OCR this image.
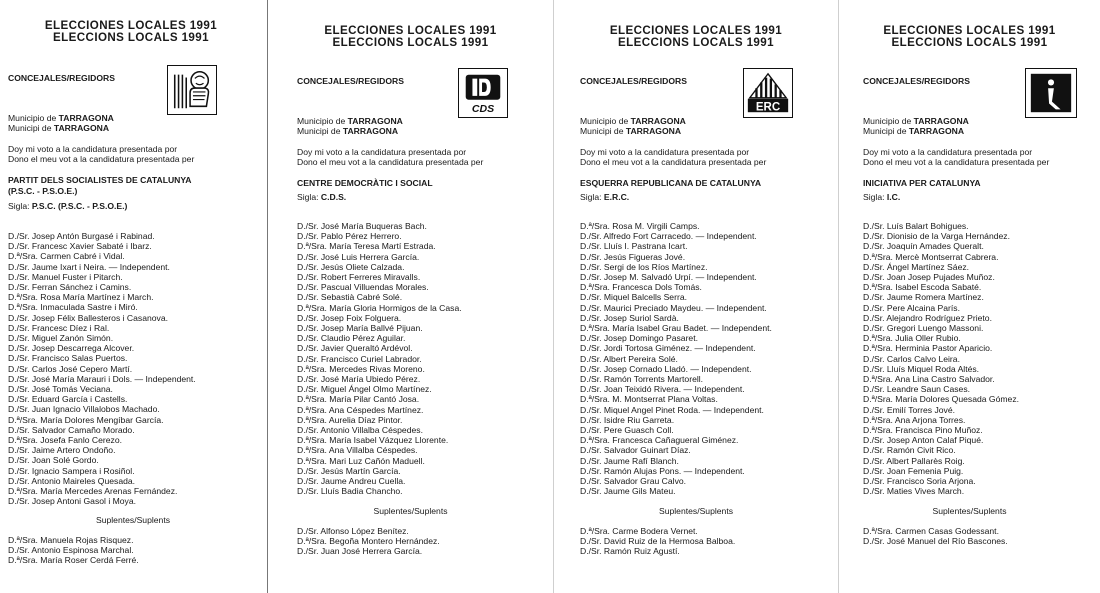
ELECCIONES LOCALES 1991
ELECCIONS LOCALS 1991
CONCEJALES/REGIDORS
Municipio de TARRAGONA
Municipi de TARRAGONA
Doy mi voto a la candidatura presentada por
Dono el meu vot a la candidatura presentada per
PARTIT DELS SOCIALISTES DE CATALUNYA
(P.S.C. - P.S.O.E.)
Sigla: P.S.C. (P.S.C. - P.S.O.E.)
D./Sr. Josep Antón Burgasé i Rabinad.
D./Sr. Francesc Xavier Sabaté i Ibarz.
D.ª/Sra. Carmen Cabré i Vidal.
D./Sr. Jaume Ixart i Neira. — Independent.
D./Sr. Manuel Fuster i Pitarch.
D./Sr. Ferran Sánchez i Camins.
D.ª/Sra. Rosa María Martínez i March.
D.ª/Sra. Inmaculada Sastre i Miró.
D./Sr. Josep Félix Ballesteros i Casanova.
D./Sr. Francesc Díez i Ral.
D./Sr. Miguel Zanón Simón.
D./Sr. Josep Descarrega Alcover.
D./Sr. Francisco Salas Puertos.
D./Sr. Carlos José Cepero Martí.
D./Sr. José María Marauri i Dols. — Independent.
D./Sr. José Tomás Veciana.
D./Sr. Eduard García i Castells.
D./Sr. Juan Ignacio Villalobos Machado.
D.ª/Sra. María Dolores Mengíbar García.
D./Sr. Salvador Camaño Morado.
D.ª/Sra. Josefa Fanlo Cerezo.
D./Sr. Jaime Artero Ondoño.
D./Sr. Joan Solé Gordo.
D./Sr. Ignacio Sampera i Rosiñol.
D./Sr. Antonio Maireles Quesada.
D.ª/Sra. María Mercedes Arenas Fernández.
D./Sr. Josep Antoni Gasol i Moya.
Suplentes/Suplents
D.ª/Sra. Manuela Rojas Risquez.
D./Sr. Antonio Espinosa Marchal.
D.ª/Sra. María Roser Cerdá Ferré.
ELECCIONES LOCALES 1991
ELECCIONS LOCALS 1991
CONCEJALES/REGIDORS
CDS
Municipio de TARRAGONA
Municipi de TARRAGONA
Doy mi voto a la candidatura presentada por
Dono el meu vot a la candidatura presentada per
CENTRE DEMOCRÀTIC I SOCIAL
Sigla: C.D.S.
D./Sr. José María Buqueras Bach.
D./Sr. Pablo Pérez Herrero.
D.ª/Sra. María Teresa Martí Estrada.
D./Sr. José Luis Herrera García.
D./Sr. Jesús Oliete Calzada.
D./Sr. Robert Ferreres Miravalls.
D./Sr. Pascual Villuendas Morales.
D./Sr. Sebastià Cabré Solé.
D.ª/Sra. María Gloria Hormigos de la Casa.
D./Sr. Josep Foix Folguera.
D./Sr. Josep María Ballvé Pijuan.
D./Sr. Claudio Pérez Aguilar.
D./Sr. Javier Queraltó Ardévol.
D./Sr. Francisco Curiel Labrador.
D.ª/Sra. Mercedes Rivas Moreno.
D./Sr. José María Ubiedo Pérez.
D./Sr. Miguel Ángel Olmo Martínez.
D.ª/Sra. María Pilar Cantó Josa.
D.ª/Sra. Ana Céspedes Martínez.
D.ª/Sra. Aurelia Díaz Pintor.
D./Sr. Antonio Villalba Céspedes.
D.ª/Sra. María Isabel Vázquez Llorente.
D.ª/Sra. Ana Villalba Céspedes.
D.ª/Sra. Mari Luz Cañón Maduell.
D./Sr. Jesús Martín García.
D./Sr. Jaume Andreu Cuella.
D./Sr. Lluís Badia Chancho.
Suplentes/Suplents
D./Sr. Alfonso López Benítez.
D.ª/Sra. Begoña Montero Hernández.
D./Sr. Juan José Herrera García.
ELECCIONES LOCALES 1991
ELECCIONS LOCALS 1991
CONCEJALES/REGIDORS
ERC
Municipio de TARRAGONA
Municipi de TARRAGONA
Doy mi voto a la candidatura presentada por
Dono el meu vot a la candidatura presentada per
ESQUERRA REPUBLICANA DE CATALUNYA
Sigla: E.R.C.
D.ª/Sra. Rosa M. Virgili Camps.
D./Sr. Alfredo Fort Carracedo. — Independent.
D./Sr. Lluís I. Pastrana Icart.
D./Sr. Jesús Figueras Jové.
D./Sr. Sergi de los Ríos Martínez.
D./Sr. Josep M. Salvadó Urpí. — Independent.
D.ª/Sra. Francesca Dols Tomás.
D./Sr. Miquel Balcells Serra.
D./Sr. Maurici Preciado Maydeu. — Independent.
D./Sr. Josep Suriol Sardà.
D.ª/Sra. María Isabel Grau Badet. — Independent.
D./Sr. Josep Domingo Pasaret.
D./Sr. Jordi Tortosa Giménez. — Independent.
D./Sr. Albert Pereira Solé.
D./Sr. Josep Cornado Lladó. — Independent.
D./Sr. Ramón Torrents Martorell.
D./Sr. Joan Teixidó Rivera. — Independent.
D.ª/Sra. M. Montserrat Plana Voltas.
D./Sr. Miquel Angel Pinet Roda. — Independent.
D./Sr. Isidre Riu Garreta.
D./Sr. Pere Guasch Coll.
D.ª/Sra. Francesca Cañagueral Giménez.
D./Sr. Salvador Guinart Díaz.
D./Sr. Jaume Rafí Blanch.
D./Sr. Ramón Alujas Pons. — Independent.
D./Sr. Salvador Grau Calvo.
D./Sr. Jaume Gils Mateu.
Suplentes/Suplents
D.ª/Sra. Carme Bodera Vernet.
D./Sr. David Ruiz de la Hermosa Balboa.
D./Sr. Ramón Ruiz Agustí.
ELECCIONES LOCALES 1991
ELECCIONS LOCALS 1991
CONCEJALES/REGIDORS
Municipio de TARRAGONA
Municipi de TARRAGONA
Doy mi voto a la candidatura presentada por
Dono el meu vot a la candidatura presentada per
INICIATIVA PER CATALUNYA
Sigla: I.C.
D./Sr. Luís Balart Bohigues.
D./Sr. Dionisio de la Varga Hernández.
D./Sr. Joaquín Amades Queralt.
D.ª/Sra. Mercè Montserrat Cabrera.
D./Sr. Ángel Martínez Sáez.
D./Sr. Joan Josep Pujades Muñoz.
D.ª/Sra. Isabel Escoda Sabaté.
D./Sr. Jaume Romera Martínez.
D./Sr. Pere Alcaina París.
D./Sr. Alejandro Rodríguez Prieto.
D./Sr. Gregori Luengo Massoni.
D.ª/Sra. Julia Oller Rubio.
D.ª/Sra. Herminia Pastor Aparicio.
D./Sr. Carlos Calvo Leira.
D./Sr. Lluís Miquel Roda Altés.
D.ª/Sra. Ana Lina Castro Salvador.
D./Sr. Leandre Saun Cases.
D.ª/Sra. María Dolores Quesada Gómez.
D./Sr. Emilí Torres Jové.
D.ª/Sra. Ana Arjona Torres.
D.ª/Sra. Francisca Pino Muñoz.
D./Sr. Josep Anton Calaf Piqué.
D./Sr. Ramón Civit Rico.
D./Sr. Albert Pallarès Roig.
D./Sr. Joan Femenia Puig.
D./Sr. Francisco Soria Arjona.
D./Sr. Maties Vives March.
Suplentes/Suplents
D.ª/Sra. Carmen Casas Godessant.
D./Sr. José Manuel del Río Bascones.
